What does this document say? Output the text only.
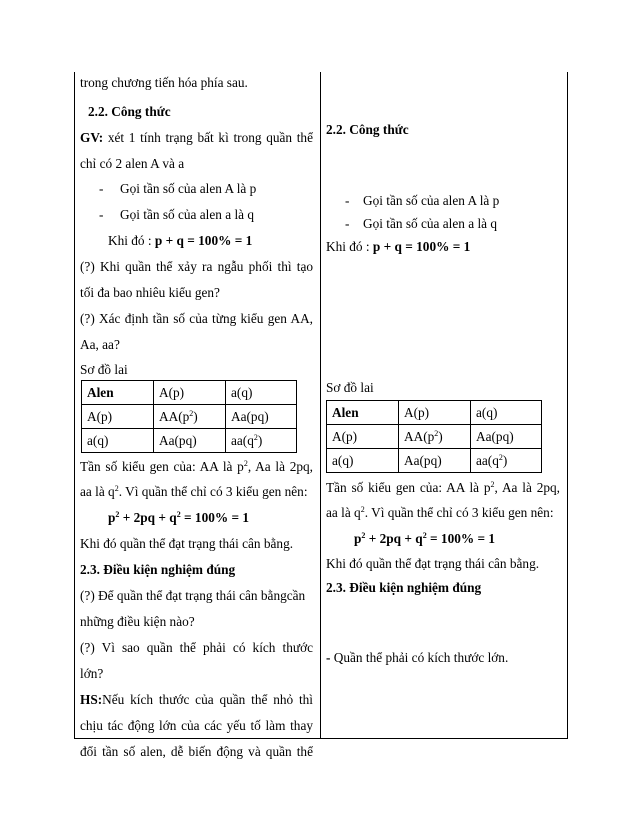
trong chương tiến hóa phía sau.
2.2. Công thức
GV: xét 1 tính trạng bất kì trong quần thể
chỉ có 2 alen A và a
- Gọi tần số của alen A là p
- Gọi tần số của alen a là q
Khi đó : p + q = 100% = 1
(?) Khi quần thể xảy ra ngẫu phối thì tạo
tối đa bao nhiêu kiểu gen?
(?) Xác định tần số của từng kiểu gen AA,
Aa, aa?
Sơ đồ lai
Alen	A(p)	a(q)
A(p)	$AA(p^2)$	Aa(pq)
a(q)	Aa(pq)	$aa(q^2)$
Tần số kiểu gen của: AA là $p^2$, Aa là 2pq,
aa là $q^2$. Vì quần thể chỉ có 3 kiểu gen nên:
$p^2 + 2pq + q^2 = 100\% = 1$
Khi đó quần thể đạt trạng thái cân bằng.
2.3. Điều kiện nghiệm đúng
(?) Để quần thể đạt trạng thái cân bằngcần
những điều kiện nào?
(?) Vì sao quần thể phải có kích thước
lớn?
HS:Nếu kích thước của quần thể nhỏ thì
chịu tác động lớn của các yếu tố làm thay
đổi tần số alen, dễ biến động và quần thể
2.2. Công thức
- Gọi tần số của alen A là p
- Gọi tần số của alen a là q
Khi đó : p + q = 100% = 1
Sơ đồ lai
Alen	A(p)	a(q)
A(p)	$AA(p^2)$	Aa(pq)
a(q)	Aa(pq)	$aa(q^2)$
Tần số kiểu gen của: AA là $p^2$, Aa là 2pq,
aa là $q^2$. Vì quần thể chỉ có 3 kiểu gen nên:
$p^2 + 2pq + q^2 = 100\% = 1$
Khi đó quần thể đạt trạng thái cân bằng.
2.3. Điều kiện nghiệm đúng
- Quần thể phải có kích thước lớn.
